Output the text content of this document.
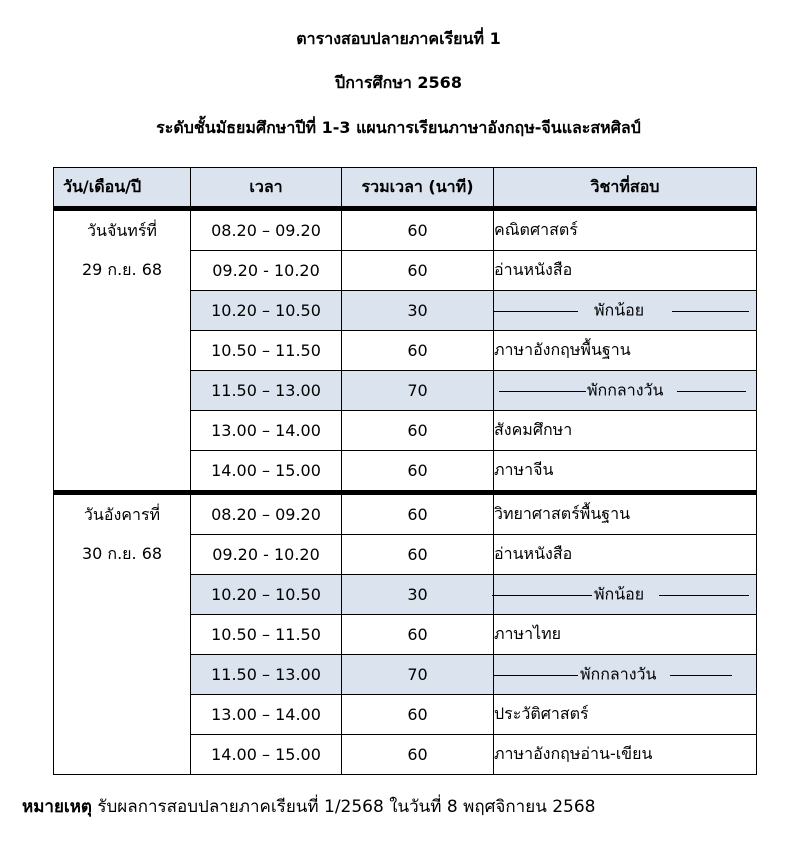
ตารางสอบปลายภาคเรียนที่ 1
ปีการศึกษา 2568
ระดับชั้นมัธยมศึกษาปีที่ 1-3 แผนการเรียนภาษาอังกฤษ-จีนและสหศิลป์
วัน/เดือน/ปี	เวลา	รวมเวลา (นาที)	วิชาที่สอบ

วันจันทร์ที่
29 ก.ย. 68	08.20 – 09.20	60	คณิตศาสตร์
	09.20 - 10.20	60	อ่านหนังสือ
	10.20 – 10.50	30	พักน้อย

	10.50 – 11.50	60	ภาษาอังกฤษพื้นฐาน
	11.50 – 13.00	70	พักกลางวัน

	13.00 – 14.00	60	สังคมศึกษา
	14.00 – 15.00	60	ภาษาจีน

วันอังคารที่
30 ก.ย. 68	08.20 – 09.20	60	วิทยาศาสตร์พื้นฐาน
	09.20 - 10.20	60	อ่านหนังสือ
	10.20 – 10.50	30	พักน้อย

	10.50 – 11.50	60	ภาษาไทย
	11.50 – 13.00	70	พักกลางวัน

	13.00 – 14.00	60	ประวัติศาสตร์
	14.00 – 15.00	60	ภาษาอังกฤษอ่าน-เขียน
หมายเหตุ รับผลการสอบปลายภาคเรียนที่ 1/2568 ในวันที่ 8 พฤศจิกายน 2568
